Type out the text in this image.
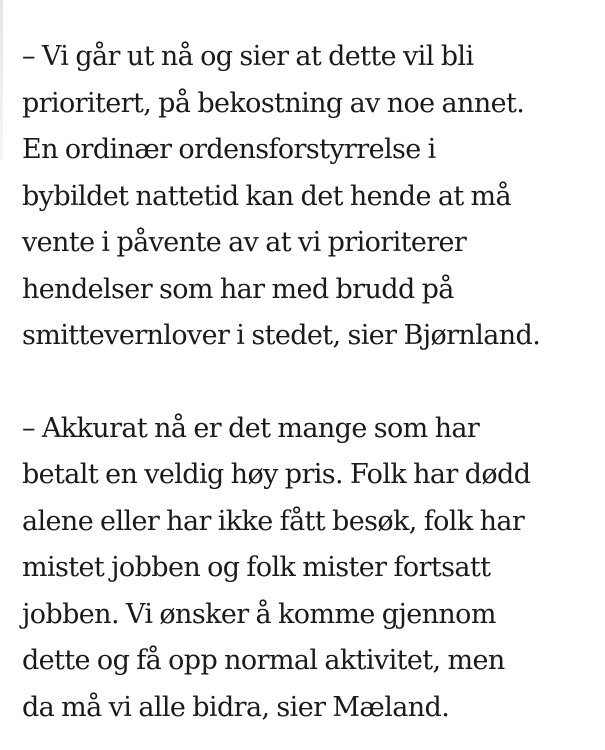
– Vi går ut nå og sier at dette vil bli
prioritert, på bekostning av noe annet.
En ordinær ordensforstyrrelse i
bybildet nattetid kan det hende at må
vente i påvente av at vi prioriterer
hendelser som har med brudd på
smittevernlover i stedet, sier Bjørnland.

– Akkurat nå er det mange som har
betalt en veldig høy pris. Folk har dødd
alene eller har ikke fått besøk, folk har
mistet jobben og folk mister fortsatt
jobben. Vi ønsker å komme gjennom
dette og få opp normal aktivitet, men
da må vi alle bidra, sier Mæland.
